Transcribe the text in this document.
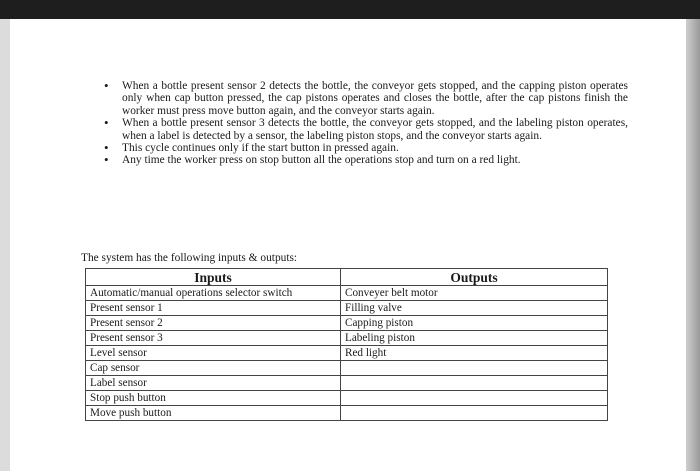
• When a bottle present sensor 2 detects the bottle, the conveyor gets stopped, and the capping piston operates only when cap button pressed, the cap pistons operates and closes the bottle, after the cap pistons finish the worker must press move button again, and the conveyor starts again.
• When a bottle present sensor 3 detects the bottle, the conveyor gets stopped, and the labeling piston operates, when a label is detected by a sensor, the labeling piston stops, and the conveyor starts again.
• This cycle continues only if the start button in pressed again.
• Any time the worker press on stop button all the operations stop and turn on a red light.
The system has the following inputs & outputs:
Inputs	Outputs
Automatic/manual operations selector switch	Conveyer belt motor
Present sensor 1	Filling valve
Present sensor 2	Capping piston
Present sensor 3	Labeling piston
Level sensor	Red light
Cap sensor	
Label sensor	
Stop push button	
Move push button	
